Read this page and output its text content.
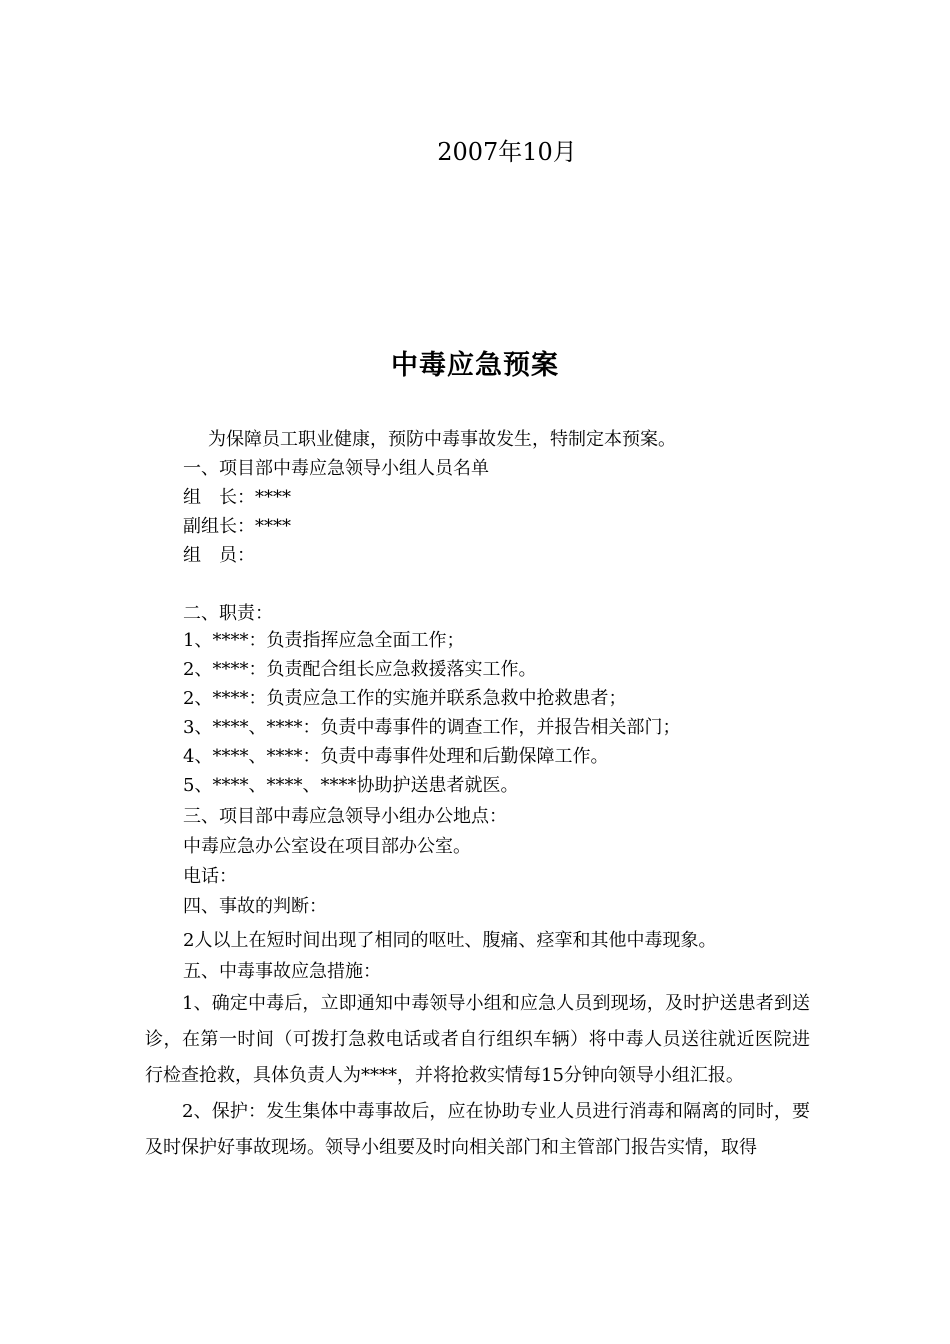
2007年10月
中毒应急预案
为保障员工职业健康，预防中毒事故发生，特制定本预案。
一、项目部中毒应急领导小组人员名单
组　长：****
副组长：****
组　员：
二、职责：
1、****：负责指挥应急全面工作；
2、****：负责配合组长应急救援落实工作。
2、****：负责应急工作的实施并联系急救中抢救患者；
3、****、****：负责中毒事件的调查工作，并报告相关部门；
4、****、****：负责中毒事件处理和后勤保障工作。
5、****、****、****协助护送患者就医。
三、项目部中毒应急领导小组办公地点：
中毒应急办公室设在项目部办公室。
电话：
四、事故的判断：
2人以上在短时间出现了相同的呕吐、腹痛、痉挛和其他中毒现象。
五、中毒事故应急措施：
1、确定中毒后，立即通知中毒领导小组和应急人员到现场，及时护送患者到送诊，在第一时间（可拨打急救电话或者自行组织车辆）将中毒人员送往就近医院进行检查抢救，具体负责人为****，并将抢救实情每15分钟向领导小组汇报。
2、保护：发生集体中毒事故后，应在协助专业人员进行消毒和隔离的同时，要及时保护好事故现场。领导小组要及时向相关部门和主管部门报告实情，取得
